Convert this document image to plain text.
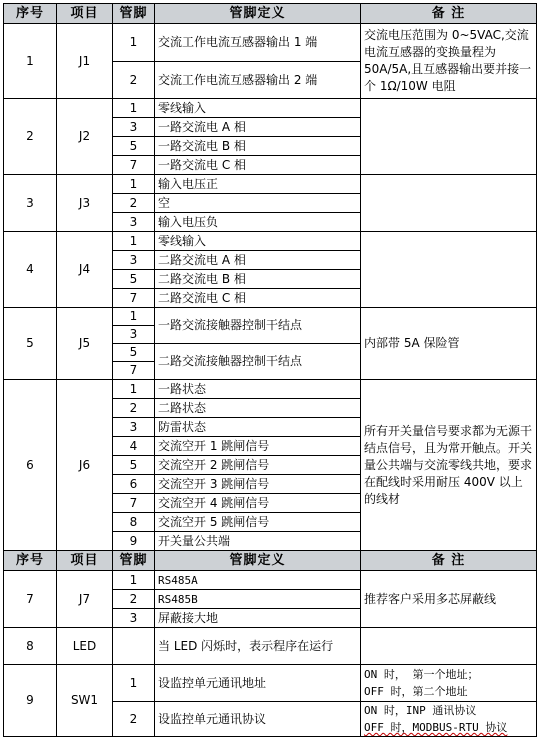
序号	项目	管脚	管脚定义	备 注
1	J1	1	交流工作电流互感器输出 1 端	交流电压范围为 0~5VAC,交流电流互感器的变换量程为 50A/5A,且互感器输出要并接一个 1Ω/10W 电阻
		2	交流工作电流互感器输出 2 端	
2	J2	1	零线输入	
		3	一路交流电 A 相	
		5	一路交流电 B 相	
		7	一路交流电 C 相	
3	J3	1	输入电压正	
		2	空	
		3	输入电压负	
4	J4	1	零线输入	
		3	二路交流电 A 相	
		5	二路交流电 B 相	
		7	二路交流电 C 相	
5	J5	1	一路交流接触器控制干结点	内部带 5A 保险管
		3		
		5	二路交流接触器控制干结点	
		7		
6	J6	1	一路状态	所有开关量信号要求都为无源干结点信号，且为常开触点。开关量公共端与交流零线共地，要求在配线时采用耐压 400V 以上的线材
		2	二路状态	
		3	防雷状态	
		4	交流空开 1 跳闸信号	
		5	交流空开 2 跳闸信号	
		6	交流空开 3 跳闸信号	
		7	交流空开 4 跳闸信号	
		8	交流空开 5 跳闸信号	
		9	开关量公共端	
序号	项目	管脚	管脚定义	备 注
7	J7	1	RS485A	推荐客户采用多芯屏蔽线
		2	RS485B	
		3	屏蔽接大地	
8	LED		当 LED 闪烁时，表示程序在运行	
9	SW1	1	设监控单元通讯地址	ON 时， 第一个地址；
OFF 时，第二个地址

		2	设监控单元通讯协议	ON 时，INP 通讯协议
OFF 时，MODBUS-RTU 协议
